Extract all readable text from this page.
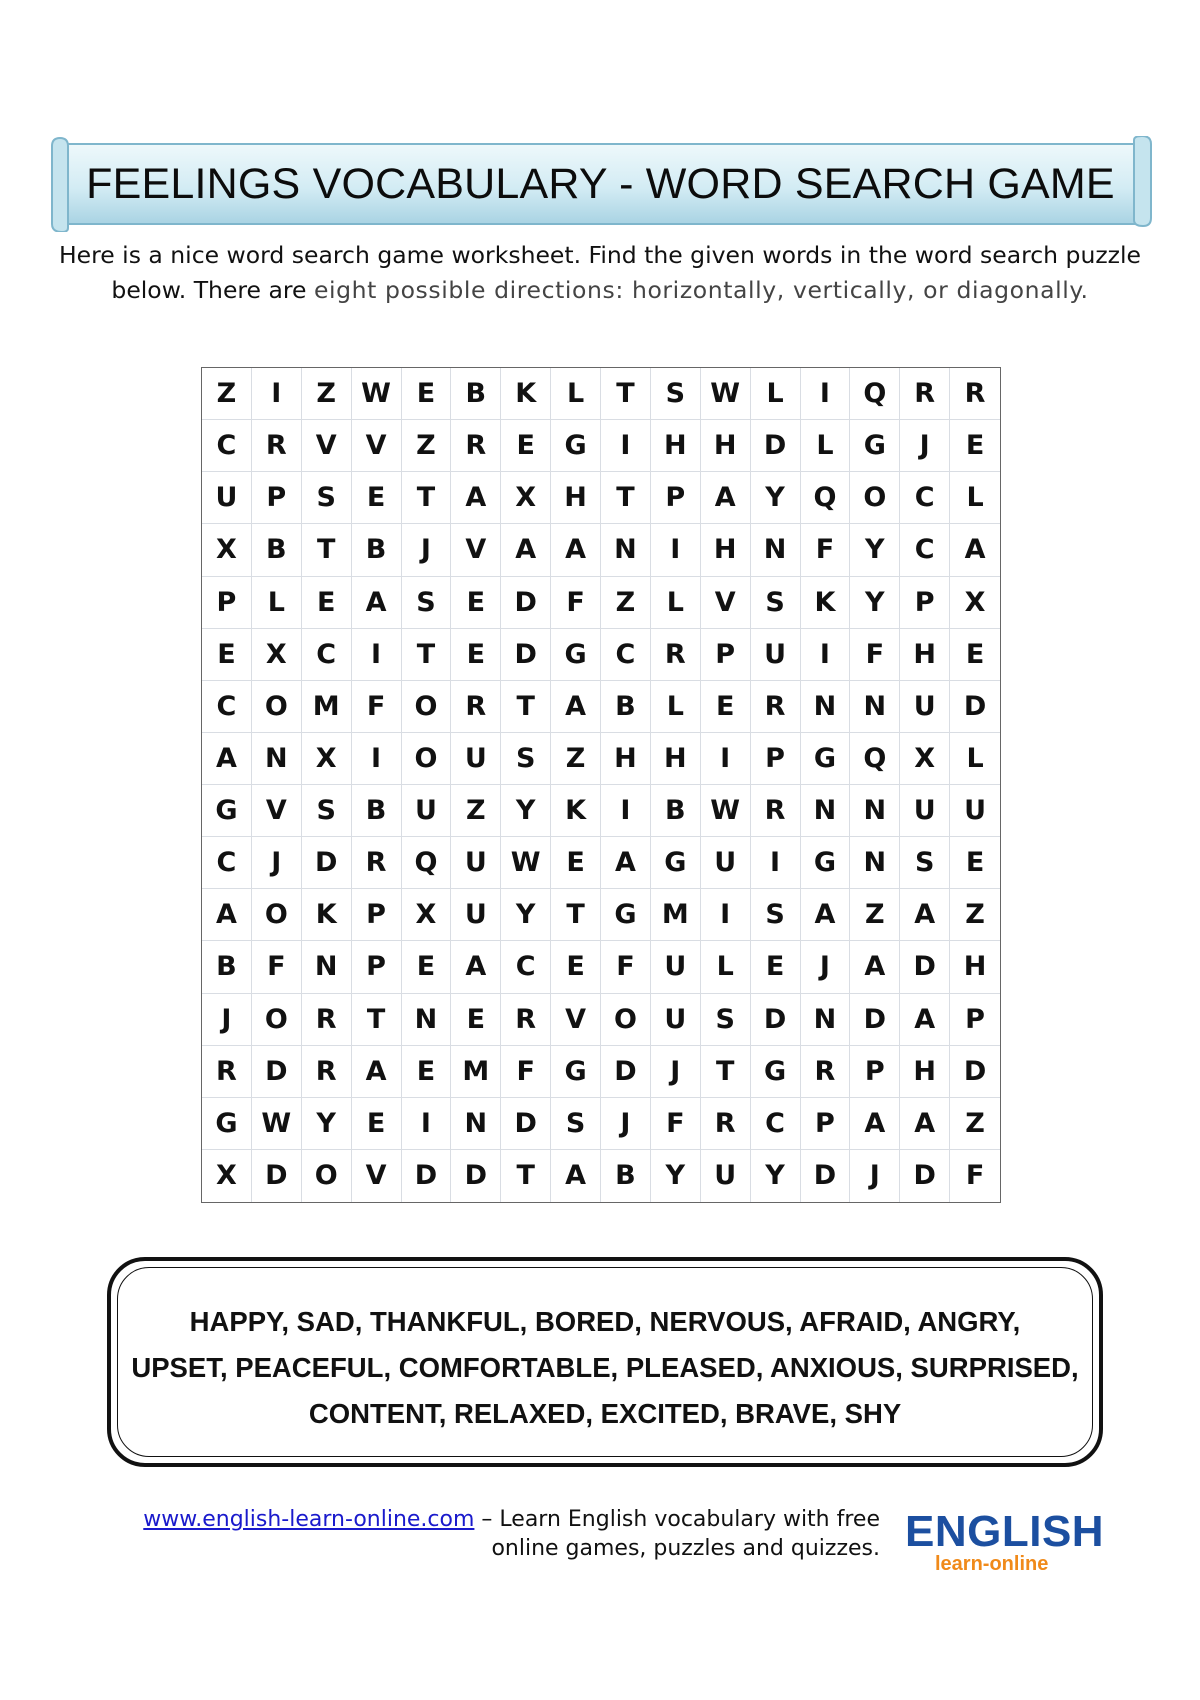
FEELINGS VOCABULARY - WORD SEARCH GAME
Here is a nice word search game worksheet. Find the given words in the word search puzzle below. There are eight possible directions: horizontally, vertically, or diagonally.
Z	I	Z W E	B	K	L	T	S W L	I	Q	R	R
C	R	V	V	Z	R	E	G	I	H	H	D	L	G	J	E
U	P	S	E	T	A	X	H	T	P	A	Y	Q O	C	L
X	B	T	B	J	V	A	A	N	I	H	N	F	Y	C	A
P	L	E	A	S	E	D	F	Z	L	V	S	K	Y	P	X
E	X	C	I	T	E	D	G	C	R	P	U	I	F	H	E
C	O M	F	O	R	T	A	B	L	E	R	N	N	U	D
A	N	X	I	O	U	S	Z	H	H	I	P	G	Q	X	L
G	V	S	B	U	Z	Y	K	I	B W R	N	N	U	U
C	J	D	R	Q	U W E	A	G	U	I	G	N	S	E
A	O	K	P	X	U	Y	T	G M	I	S	A	Z	A	Z
B	F	N	P	E	A	C	E	F	U	L	E	J	A	D	H
J	O	R	T	N	E	R	V	O	U	S	D	N	D	A	P
R	D	R	A	E	M	F	G	D	J	T	G	R	P	H	D
G W Y	E	I	N	D	S	J	F	R	C	P	A	A	Z
X	D	O	V	D	D	T	A	B	Y	U	Y	D	J	D	F
HAPPY, SAD, THANKFUL, BORED, NERVOUS, AFRAID, ANGRY,
UPSET, PEACEFUL, COMFORTABLE, PLEASED, ANXIOUS, SURPRISED,
CONTENT, RELAXED, EXCITED, BRAVE, SHY
www.english-learn-online.com – Learn English vocabulary with free
online games, puzzles and quizzes. ENGLISH
learn-online
